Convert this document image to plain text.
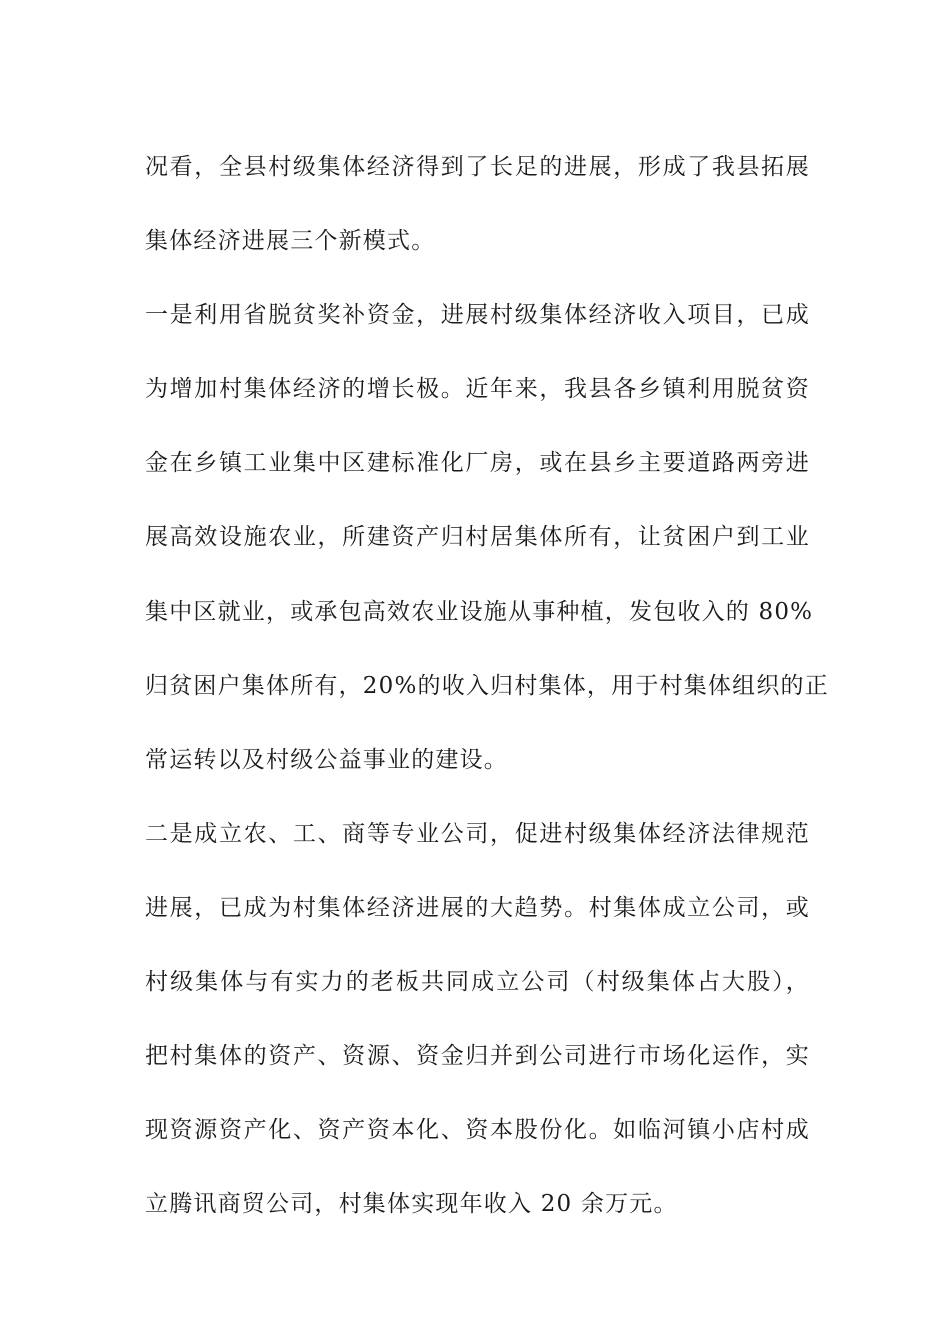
况看，全县村级集体经济得到了长足的进展，形成了我县拓展
集体经济进展三个新模式。
一是利用省脱贫奖补资金，进展村级集体经济收入项目，已成
为增加村集体经济的增长极。近年来，我县各乡镇利用脱贫资
金在乡镇工业集中区建标准化厂房，或在县乡主要道路两旁进
展高效设施农业，所建资产归村居集体所有，让贫困户到工业
集中区就业，或承包高效农业设施从事种植，发包收入的 80%
归贫困户集体所有，20%的收入归村集体，用于村集体组织的正
常运转以及村级公益事业的建设。
二是成立农、工、商等专业公司，促进村级集体经济法律规范
进展，已成为村集体经济进展的大趋势。村集体成立公司，或
村级集体与有实力的老板共同成立公司（村级集体占大股），
把村集体的资产、资源、资金归并到公司进行市场化运作，实
现资源资产化、资产资本化、资本股份化。如临河镇小店村成
立腾讯商贸公司，村集体实现年收入 20 余万元。
